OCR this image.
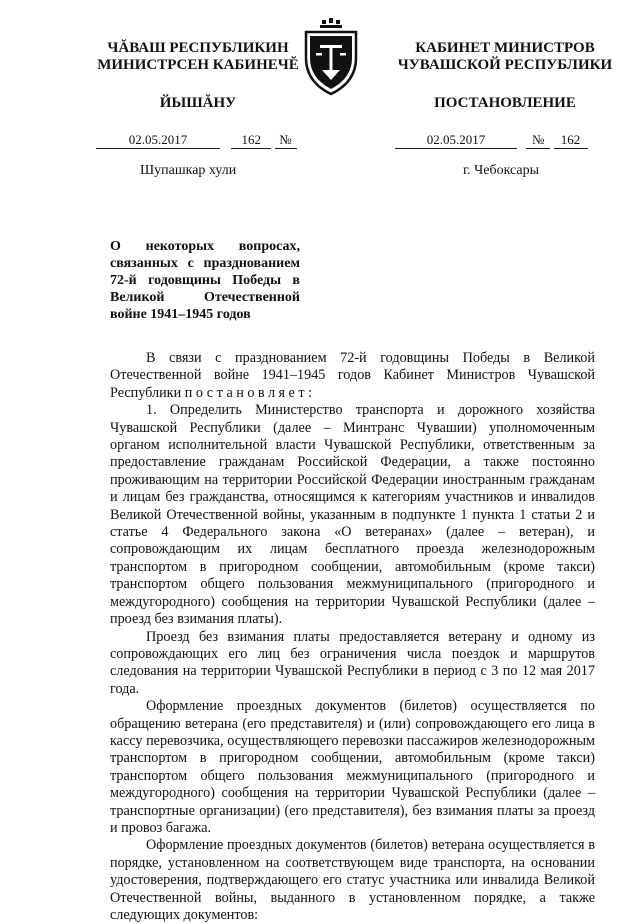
ЧĂВАШ РЕСПУБЛИКИН
МИНИСТРСЕН КАБИНЕЧĔ
ЙЫШĂНУ
КАБИНЕТ МИНИСТРОВ
ЧУВАШСКОЙ РЕСПУБЛИКИ
ПОСТАНОВЛЕНИЕ
02.05.2017	162 №	02.05.2017	№ 162
Шупашкар хули	г. Чебоксары
О некоторых вопросах, связанных с празднованием 72-й годовщины Победы в Великой Отечественной войне 1941–1945 годов

В связи с празднованием 72-й годовщины Победы в Великой Отечественной войне 1941–1945 годов Кабинет Министров Чувашской Республики постановляет:

1. Определить Министерство транспорта и дорожного хозяйства Чувашской Республики (далее – Минтранс Чувашии) уполномоченным органом исполнительной власти Чувашской Республики, ответственным за предоставление гражданам Российской Федерации, а также постоянно проживающим на территории Российской Федерации иностранным гражданам и лицам без гражданства, относящимся к категориям участников и инвалидов Великой Отечественной войны, указанным в подпункте 1 пункта 1 статьи 2 и статье 4 Федерального закона «О ветеранах» (далее – ветеран), и сопровождающим их лицам бесплатного проезда железнодорожным транспортом в пригородном сообщении, автомобильным (кроме такси) транспортом общего пользования межмуниципального (пригородного и междугородного) сообщения на территории Чувашской Республики (далее – проезд без взимания платы).

Проезд без взимания платы предоставляется ветерану и одному из сопровождающих его лиц без ограничения числа поездок и маршрутов следования на территории Чувашской Республики в период с 3 по 12 мая 2017 года.

Оформление проездных документов (билетов) осуществляется по обращению ветерана (его представителя) и (или) сопровождающего его лица в кассу перевозчика, осуществляющего перевозки пассажиров железнодорожным транспортом в пригородном сообщении, автомобильным (кроме такси) транспортом общего пользования межмуниципального (пригородного и междугородного) сообщения на территории Чувашской Республики (далее – транспортные организации) (его представителя), без взимания платы за проезд и провоз багажа.

Оформление проездных документов (билетов) ветерана осуществляется в порядке, установленном на соответствующем виде транспорта, на основании удостоверения, подтверждающего его статус участника или инвалида Великой Отечественной войны, выданного в установленном порядке, а также следующих документов:
